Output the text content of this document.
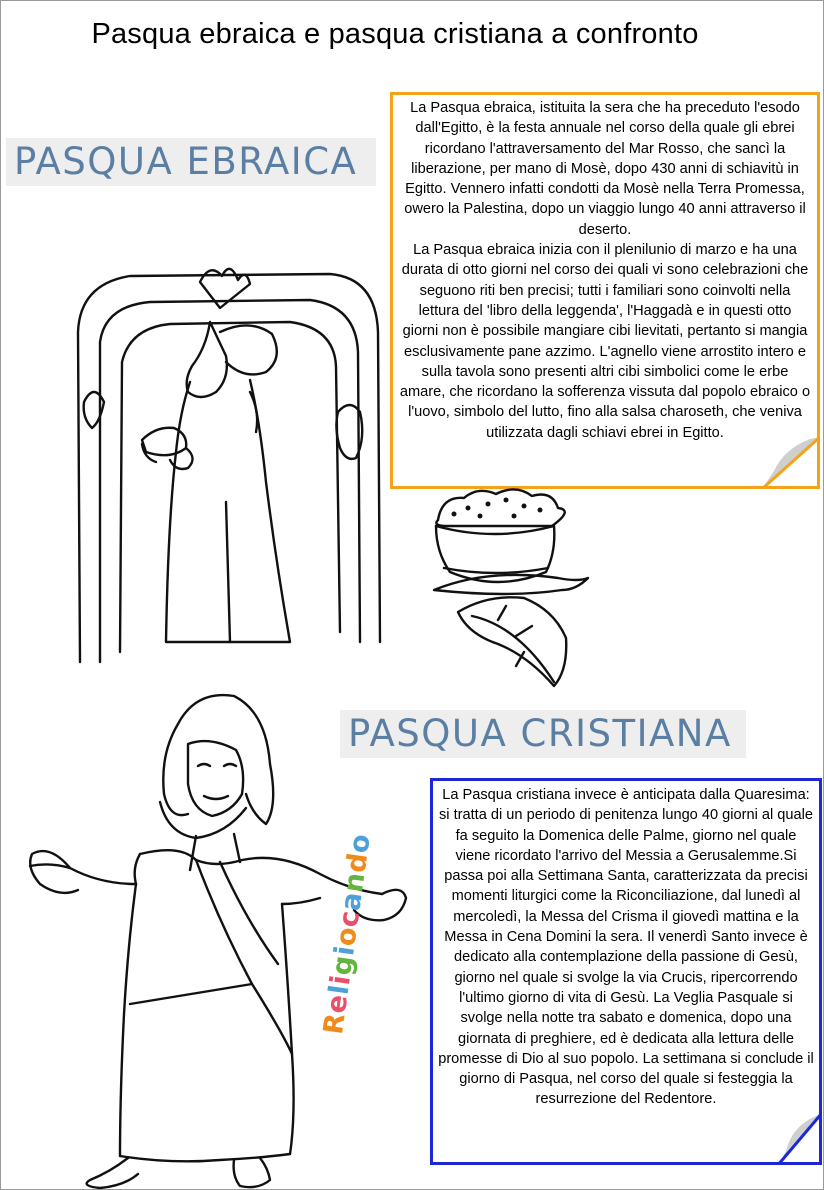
Pasqua ebraica e pasqua cristiana a confronto
PASQUA EBRAICA

La Pasqua ebraica, istituita la sera che ha preceduto l'esodo dall'Egitto, è la festa annuale nel corso della quale gli ebrei ricordano l'attraversamento del Mar Rosso, che sancì la liberazione, per mano di Mosè, dopo 430 anni di schiavitù in Egitto. Vennero infatti condotti da Mosè nella Terra Promessa, owero la Palestina, dopo un viaggio lungo 40 anni attraverso il deserto.

La Pasqua ebraica inizia con il plenilunio di marzo e ha una durata di otto giorni nel corso dei quali vi sono celebrazioni che seguono riti ben precisi; tutti i familiari sono coinvolti nella lettura del 'libro della leggenda', l'Haggadà e in questi otto giorni non è possibile mangiare cibi lievitati, pertanto si mangia esclusivamente pane azzimo. L'agnello viene arrostito intero e sulla tavola sono presenti altri cibi simbolici come le erbe amare, che ricordano la sofferenza vissuta dal popolo ebraico o l'uovo, simbolo del lutto, fino alla salsa charoseth, che veniva utilizzata dagli schiavi ebrei in Egitto.

PASQUA CRISTIANA

La Pasqua cristiana invece è anticipata dalla Quaresima: si tratta di un periodo di penitenza lungo 40 giorni al quale fa seguito la Domenica delle Palme, giorno nel quale viene ricordato l'arrivo del Messia a Gerusalemme.Si passa poi alla Settimana Santa, caratterizzata da precisi momenti liturgici come la Riconciliazione, dal lunedì al mercoledì, la Messa del Crisma il giovedì mattina e la Messa in Cena Domini la sera. Il venerdì Santo invece è dedicato alla contemplazione della passione di Gesù, giorno nel quale si svolge la via Crucis, ripercorrendo l'ultimo giorno di vita di Gesù. La Veglia Pasquale si svolge nella notte tra sabato e domenica, dopo una giornata di preghiere, ed è dedicata alla lettura delle promesse di Dio al suo popolo. La settimana si conclude il giorno di Pasqua, nel corso del quale si festeggia la resurrezione del Redentore.

Religiocando
